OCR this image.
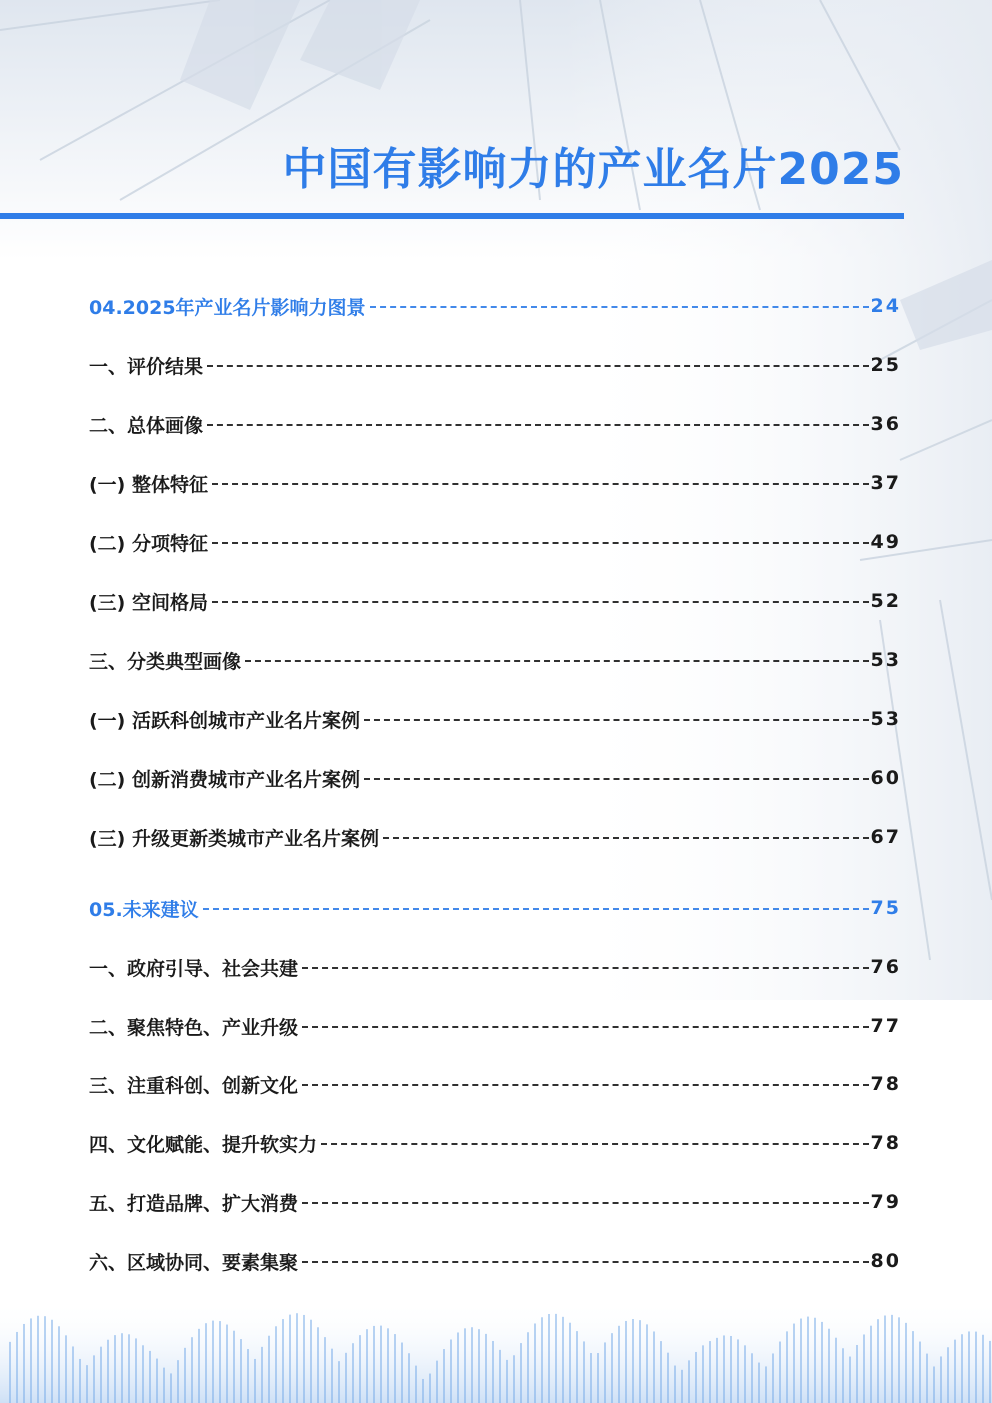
中国有影响力的产业名片2025
04.2025年产业名片影响力图景	24
一、评价结果	25
二、总体画像	36
(一) 整体特征	37
(二) 分项特征	49
(三) 空间格局	52
三、分类典型画像	53
(一) 活跃科创城市产业名片案例	53
(二) 创新消费城市产业名片案例	60
(三) 升级更新类城市产业名片案例	67
05.未来建议	75
一、政府引导、社会共建	76
二、聚焦特色、产业升级	77
三、注重科创、创新文化	78
四、文化赋能、提升软实力	78
五、打造品牌、扩大消费	79
六、区域协同、要素集聚	80
